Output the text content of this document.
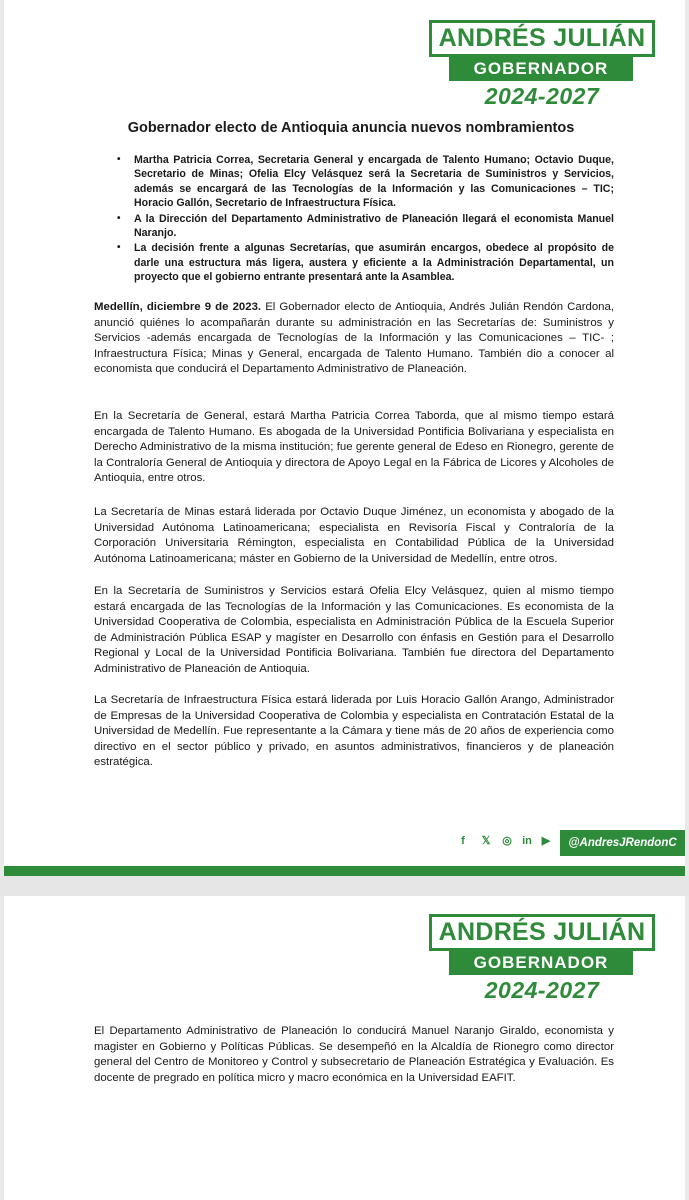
ANDRÉS JULIÁN
GOBERNADOR
2024-2027
Gobernador electo de Antioquia anuncia nuevos nombramientos
• Martha Patricia Correa, Secretaria General y encargada de Talento Humano; Octavio Duque, Secretario de Minas; Ofelia Elcy Velásquez será la Secretaria de Suministros y Servicios, además se encargará de las Tecnologías de la Información y las Comunicaciones – TIC; Horacio Gallón, Secretario de Infraestructura Física.
• A la Dirección del Departamento Administrativo de Planeación llegará el economista Manuel Naranjo.
• La decisión frente a algunas Secretarías, que asumirán encargos, obedece al propósito de darle una estructura más ligera, austera y eficiente a la Administración Departamental, un proyecto que el gobierno entrante presentará ante la Asamblea.

Medellín, diciembre 9 de 2023. El Gobernador electo de Antioquia, Andrés Julián Rendón Cardona, anunció quiénes lo acompañarán durante su administración en las Secretarías de: Suministros y Servicios -además encargada de Tecnologías de la Información y las Comunicaciones – TIC- ; Infraestructura Física; Minas y General, encargada de Talento Humano. También dio a conocer al economista que conducirá el Departamento Administrativo de Planeación.

En la Secretaría de General, estará Martha Patricia Correa Taborda, que al mismo tiempo estará encargada de Talento Humano. Es abogada de la Universidad Pontificia Bolivariana y especialista en Derecho Administrativo de la misma institución; fue gerente general de Edeso en Rionegro, gerente de la Contraloría General de Antioquia y directora de Apoyo Legal en la Fábrica de Licores y Alcoholes de Antioquia, entre otros.

La Secretaría de Minas estará liderada por Octavio Duque Jiménez, un economista y abogado de la Universidad Autónoma Latinoamericana; especialista en Revisoría Fiscal y Contraloría de la Corporación Universitaria Rémington, especialista en Contabilidad Pública de la Universidad Autónoma Latinoamericana; máster en Gobierno de la Universidad de Medellín, entre otros.

En la Secretaría de Suministros y Servicios estará Ofelia Elcy Velásquez, quien al mismo tiempo estará encargada de las Tecnologías de la Información y las Comunicaciones. Es economista de la Universidad Cooperativa de Colombia, especialista en Administración Pública de la Escuela Superior de Administración Pública ESAP y magíster en Desarrollo con énfasis en Gestión para el Desarrollo Regional y Local de la Universidad Pontificia Bolivariana. También fue directora del Departamento Administrativo de Planeación de Antioquia.

La Secretaría de Infraestructura Física estará liderada por Luis Horacio Gallón Arango, Administrador de Empresas de la Universidad Cooperativa de Colombia y especialista en Contratación Estatal de la Universidad de Medellín. Fue representante a la Cámara y tiene más de 20 años de experiencia como directivo en el sector público y privado, en asuntos administrativos, financieros y de planeación estratégica.

f	𝕏	◎ in ▶	@AndresJRendonC
ANDRÉS JULIÁN
GOBERNADOR
2024-2027

El Departamento Administrativo de Planeación lo conducirá Manuel Naranjo Giraldo, economista y magister en Gobierno y Políticas Públicas. Se desempeñó en la Alcaldía de Rionegro como director general del Centro de Monitoreo y Control y subsecretario de Planeación Estratégica y Evaluación. Es docente de pregrado en política micro y macro económica en la Universidad EAFIT.
